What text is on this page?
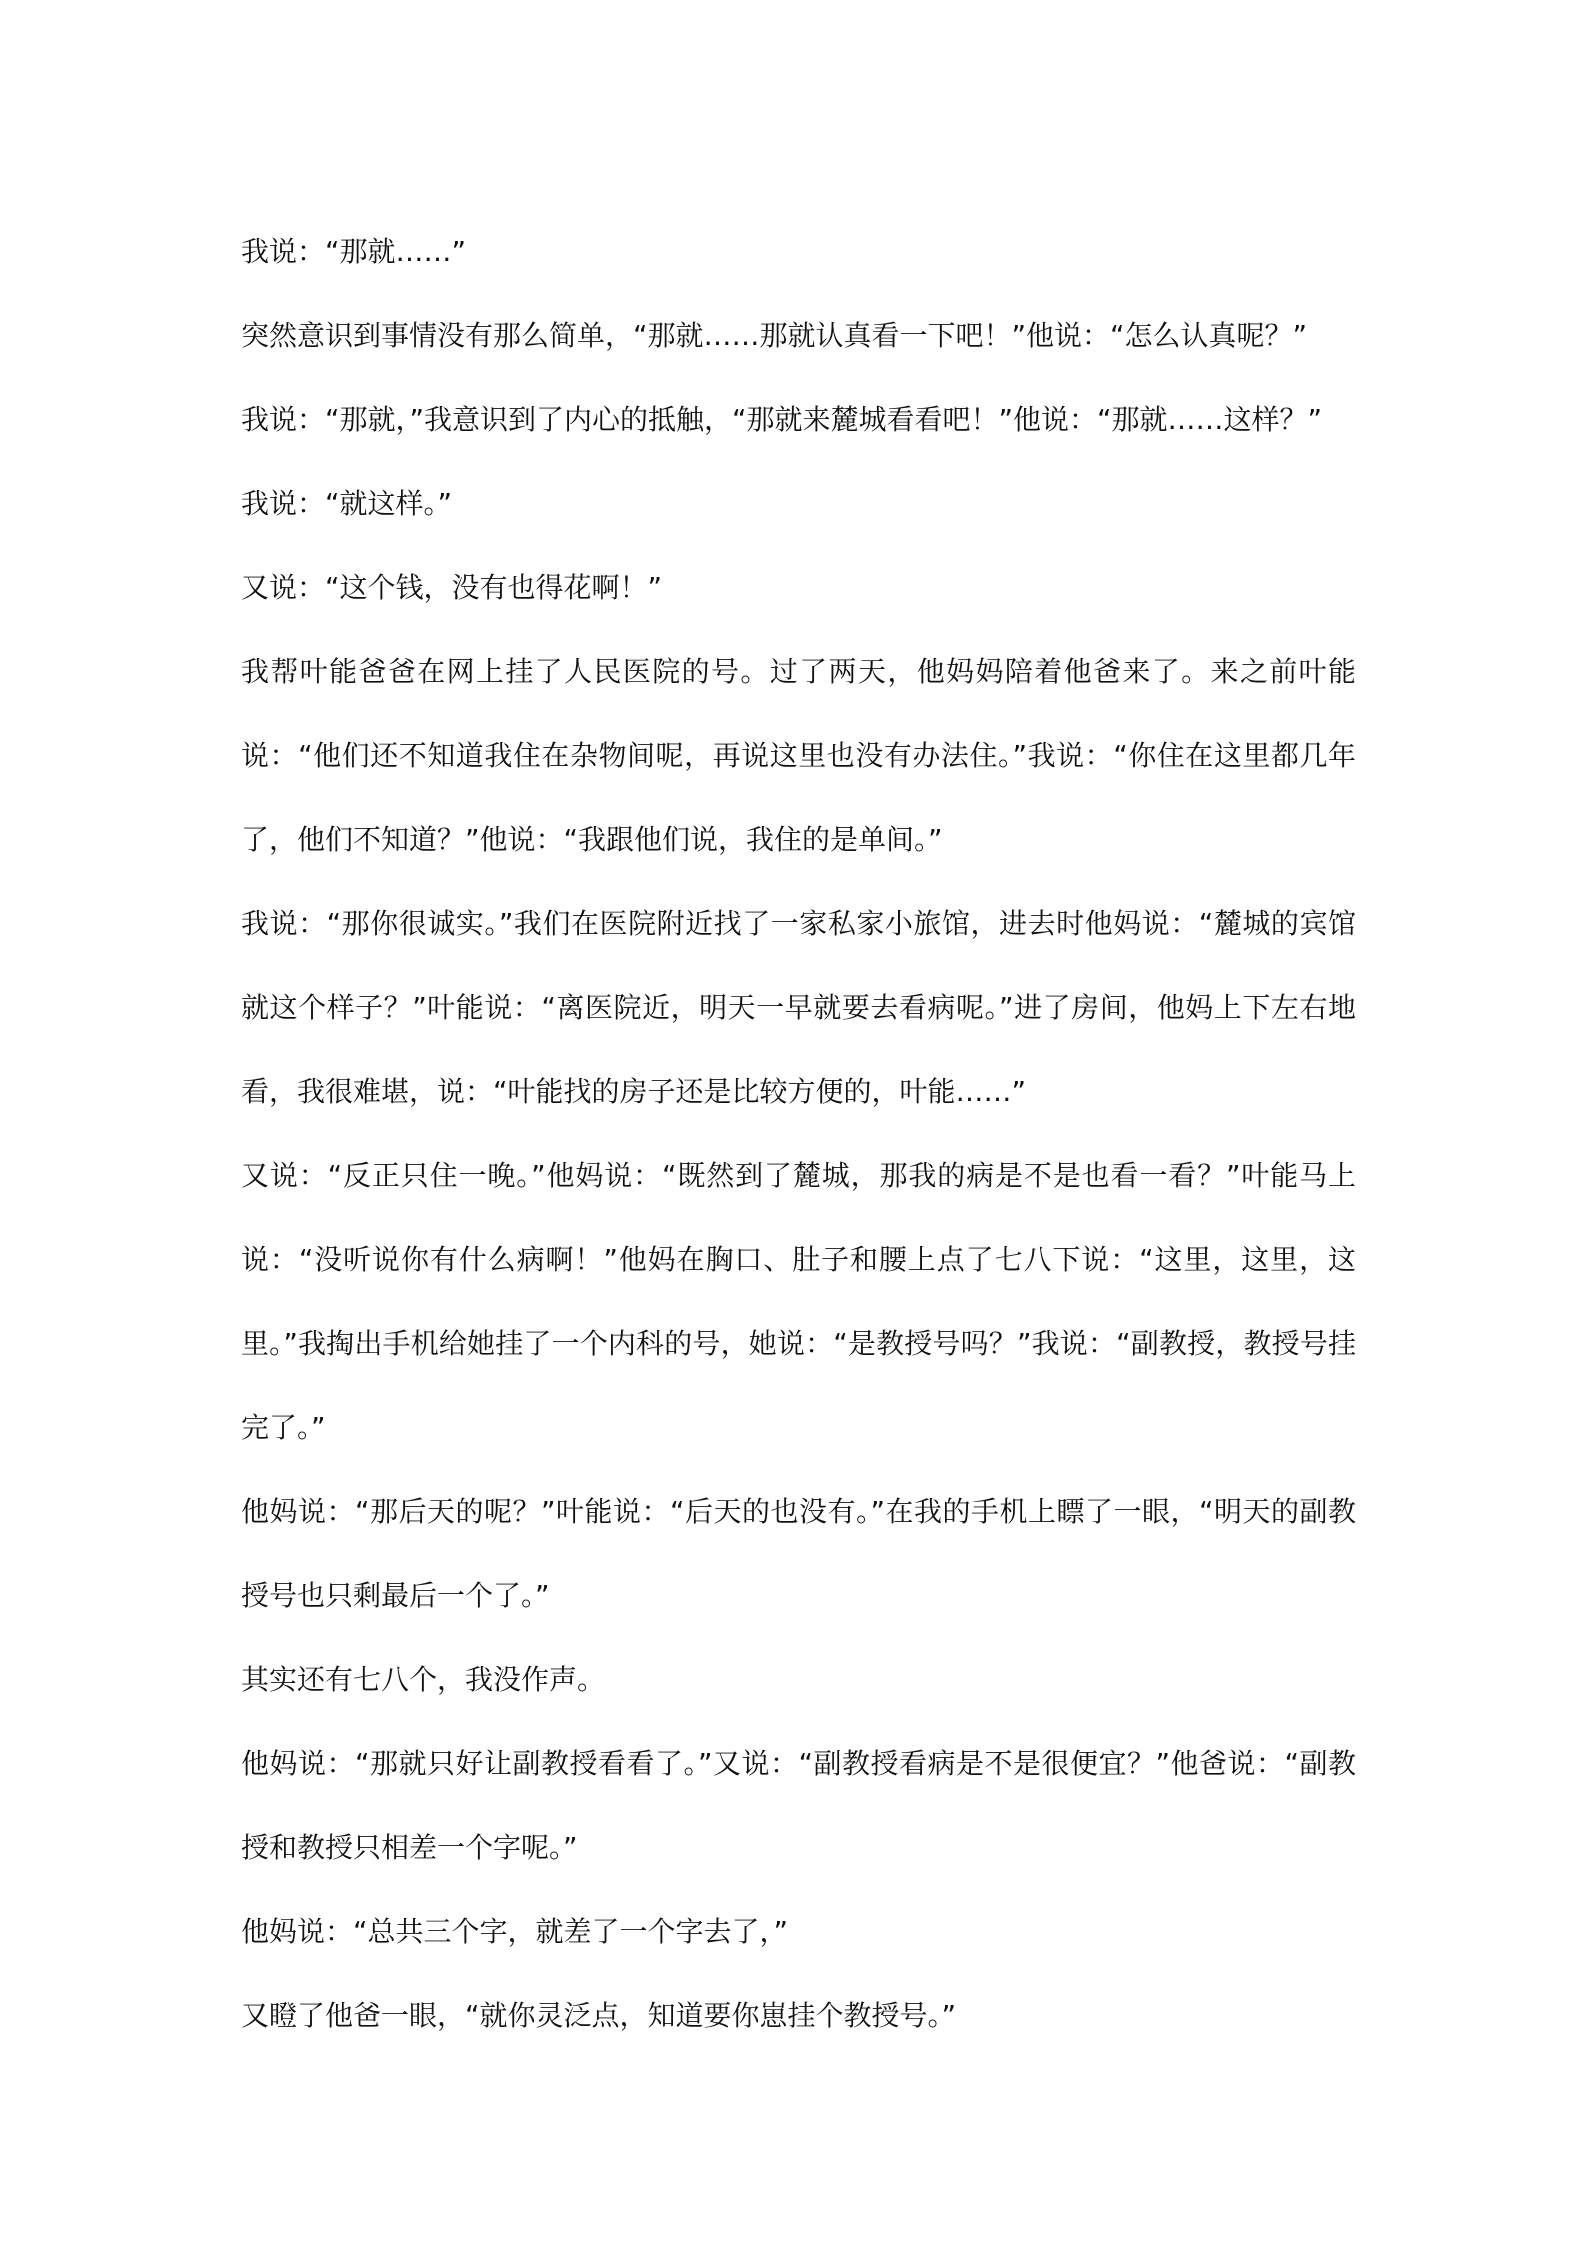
我说：“那就……”

突然意识到事情没有那么简单，“那就……那就认真看一下吧！”他说：“怎么认真呢？”

我说：“那就，”我意识到了内心的抵触，“那就来麓城看看吧！”他说：“那就……这样？”

我说：“就这样。”

又说：“这个钱，没有也得花啊！”

我帮叶能爸爸在网上挂了人民医院的号。过了两天，他妈妈陪着他爸来了。来之前叶能说：“他们还不知道我住在杂物间呢，再说这里也没有办法住。”我说：“你住在这里都几年了，他们不知道？”他说：“我跟他们说，我住的是单间。”

我说：“那你很诚实。”我们在医院附近找了一家私家小旅馆，进去时他妈说：“麓城的宾馆就这个样子？”叶能说：“离医院近，明天一早就要去看病呢。”进了房间，他妈上下左右地看，我很难堪，说：“叶能找的房子还是比较方便的，叶能……”

又说：“反正只住一晚。”他妈说：“既然到了麓城，那我的病是不是也看一看？”叶能马上说：“没听说你有什么病啊！”他妈在胸口、肚子和腰上点了七八下说：“这里，这里，这里。”我掏出手机给她挂了一个内科的号，她说：“是教授号吗？”我说：“副教授，教授号挂完了。”

他妈说：“那后天的呢？”叶能说：“后天的也没有。”在我的手机上瞟了一眼，“明天的副教授号也只剩最后一个了。”

其实还有七八个，我没作声。

他妈说：“那就只好让副教授看看了。”又说：“副教授看病是不是很便宜？”他爸说：“副教授和教授只相差一个字呢。”

他妈说：“总共三个字，就差了一个字去了，”

又瞪了他爸一眼，“就你灵泛点，知道要你崽挂个教授号。”
